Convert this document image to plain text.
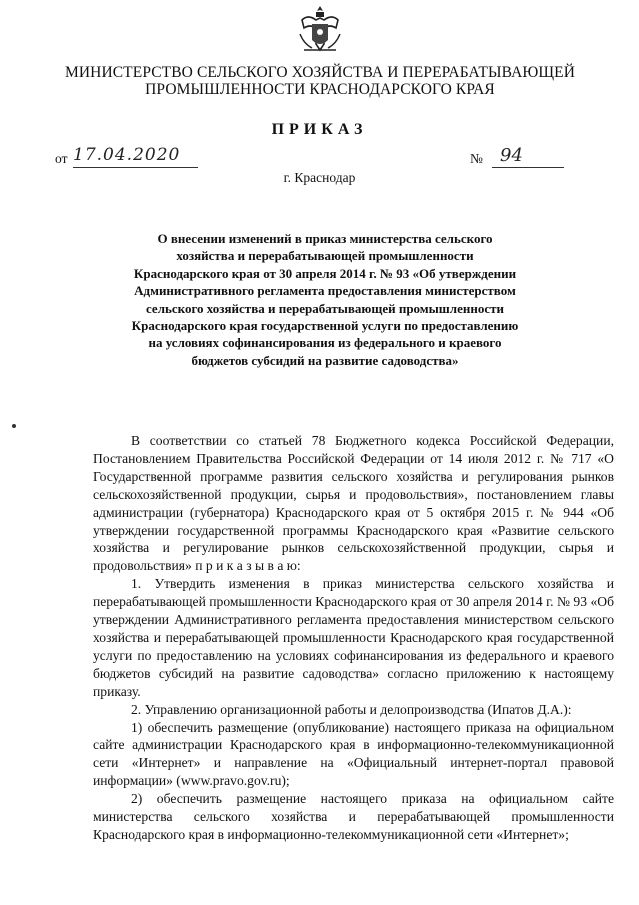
МИНИСТЕРСТВО СЕЛЬСКОГО ХОЗЯЙСТВА И ПЕРЕРАБАТЫВАЮЩЕЙ ПРОМЫШЛЕННОСТИ КРАСНОДАРСКОГО КРАЯ
ПРИКАЗ
от 17.04.2020	№ 94
г. Краснодар
О внесении изменений в приказ министерства сельского хозяйства и перерабатывающей промышленности Краснодарского края от 30 апреля 2014 г. № 93 «Об утверждении Административного регламента предоставления министерством сельского хозяйства и перерабатывающей промышленности Краснодарского края государственной услуги по предоставлению на условиях софинансирования из федерального и краевого бюджетов субсидий на развитие садоводства»

В соответствии со статьей 78 Бюджетного кодекса Российской Федерации, Постановлением Правительства Российской Федерации от 14 июля 2012 г. № 717 «О Государственной программе развития сельского хозяйства и регулирования рынков сельскохозяйственной продукции, сырья и продовольствия», постановлением главы администрации (губернатора) Краснодарского края от 5 октября 2015 г. № 944 «Об утверждении государственной программы Краснодарского края «Развитие сельского хозяйства и регулирование рынков сельскохозяйственной продукции, сырья и продовольствия» п р и к а з ы в а ю:

1. Утвердить изменения в приказ министерства сельского хозяйства и перерабатывающей промышленности Краснодарского края от 30 апреля 2014 г. № 93 «Об утверждении Административного регламента предоставления министерством сельского хозяйства и перерабатывающей промышленности Краснодарского края государственной услуги по предоставлению на условиях софинансирования из федерального и краевого бюджетов субсидий на развитие садоводства» согласно приложению к настоящему приказу.

2. Управлению организационной работы и делопроизводства (Ипатов Д.А.):

1) обеспечить размещение (опубликование) настоящего приказа на официальном сайте администрации Краснодарского края в информационно-телекоммуникационной сети «Интернет» и направление на «Официальный интернет-портал правовой информации» (www.pravo.gov.ru);

2) обеспечить размещение настоящего приказа на официальном сайте министерства сельского хозяйства и перерабатывающей промышленности Краснодарского края в информационно-телекоммуникационной сети «Интернет»;
